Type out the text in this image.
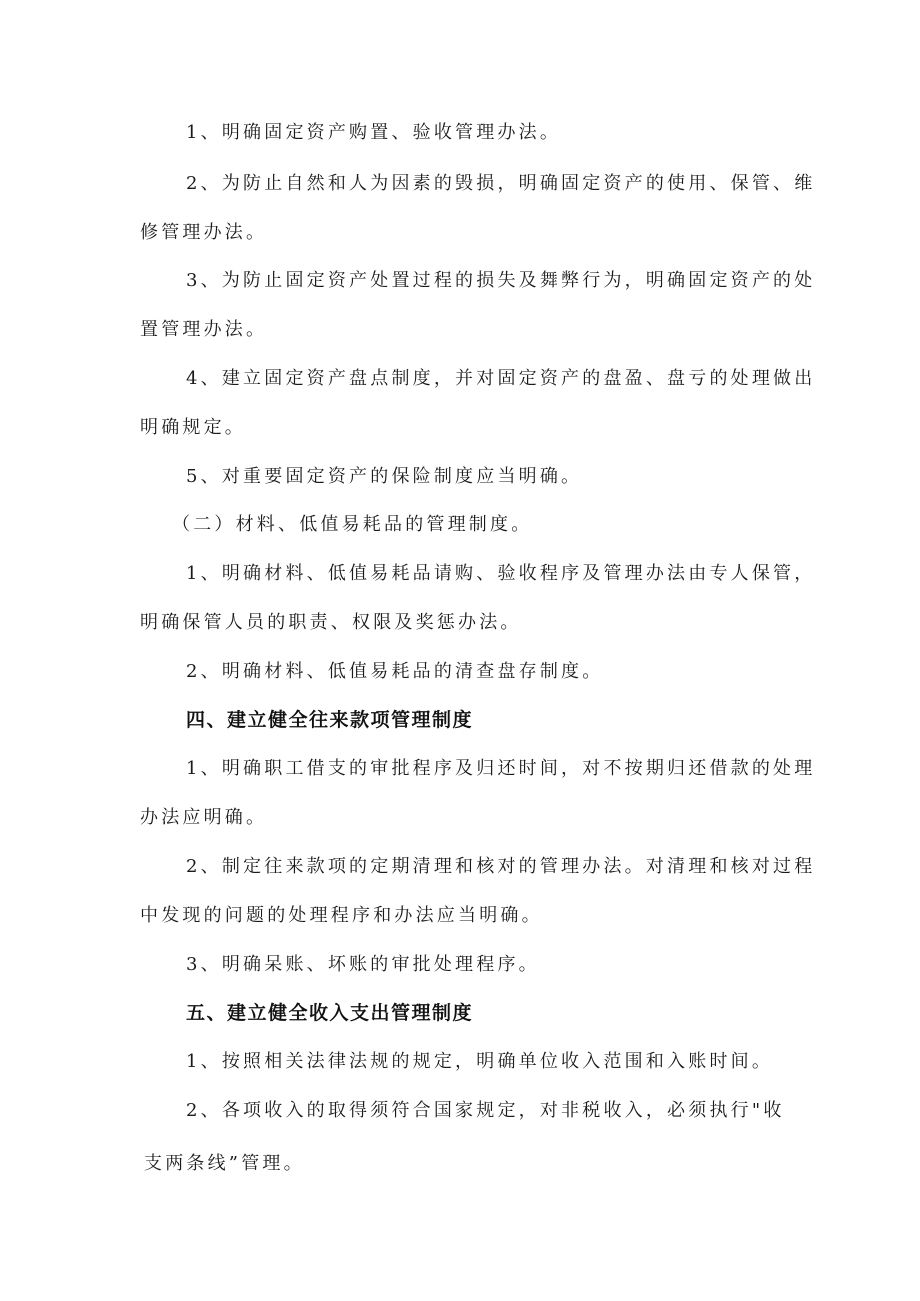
1、明确固定资产购置、验收管理办法。
2、为防止自然和人为因素的毁损，明确固定资产的使用、保管、维
修管理办法。
3、为防止固定资产处置过程的损失及舞弊行为，明确固定资产的处
置管理办法。
4、建立固定资产盘点制度，并对固定资产的盘盈、盘亏的处理做出
明确规定。
5、对重要固定资产的保险制度应当明确。
（二）材料、低值易耗品的管理制度。
1、明确材料、低值易耗品请购、验收程序及管理办法由专人保管，
明确保管人员的职责、权限及奖惩办法。
2、明确材料、低值易耗品的清查盘存制度。
四、建立健全往来款项管理制度
1、明确职工借支的审批程序及归还时间，对不按期归还借款的处理
办法应明确。
2、制定往来款项的定期清理和核对的管理办法。对清理和核对过程
中发现的问题的处理程序和办法应当明确。
3、明确呆账、坏账的审批处理程序。
五、建立健全收入支出管理制度
1、按照相关法律法规的规定，明确单位收入范围和入账时间。
2、各项收入的取得须符合国家规定，对非税收入，必须执行"收
支两条线”管理。
